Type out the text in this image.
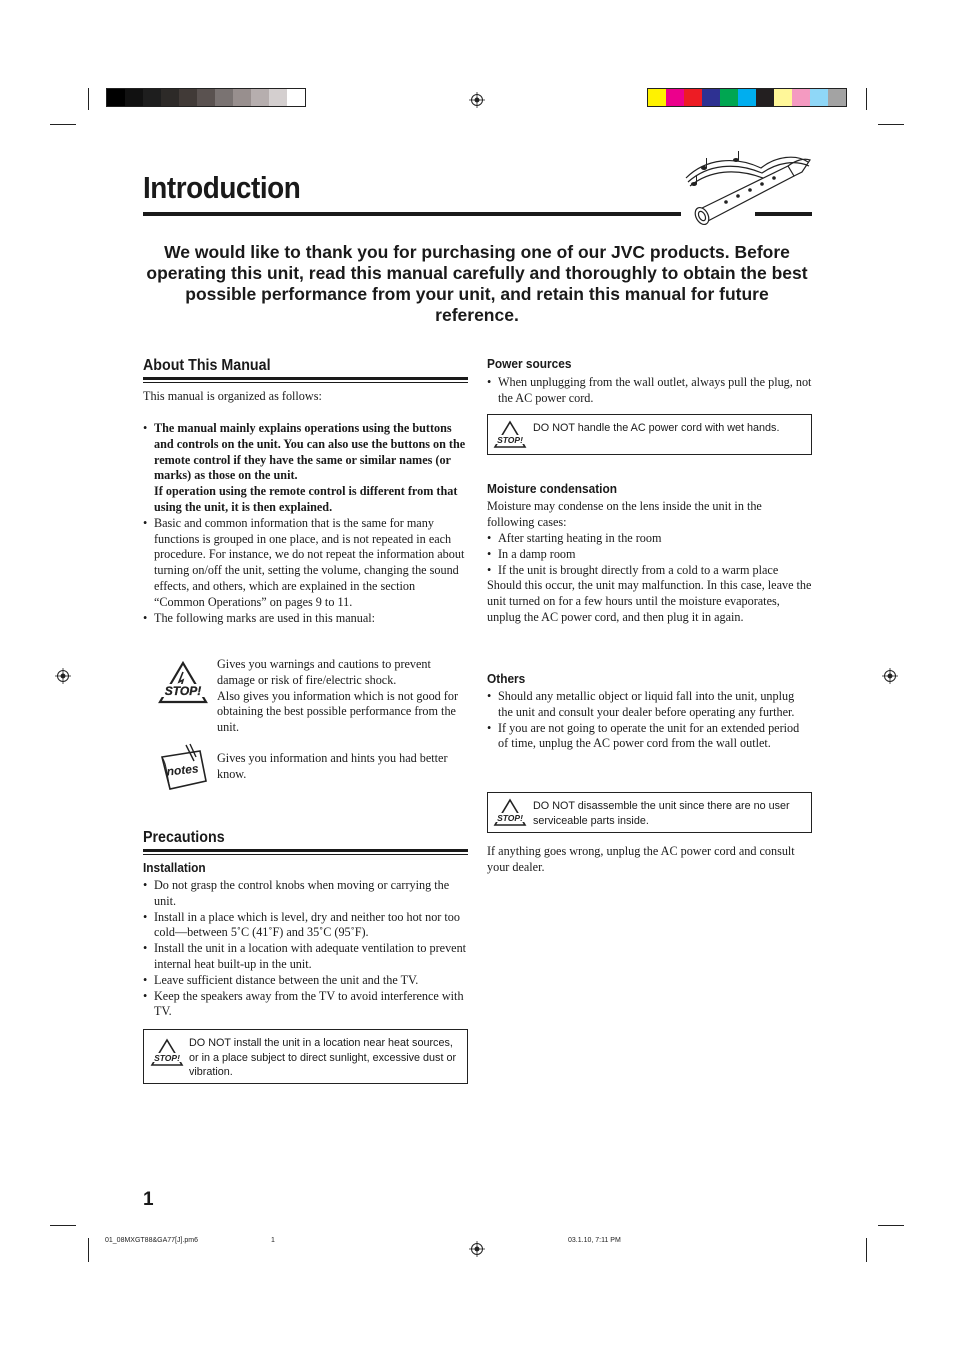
Introduction
We would like to thank you for purchasing one of our JVC products. Before operating this unit, read this manual carefully and thoroughly to obtain the best possible performance from your unit, and retain this manual for future reference.
About This Manual
This manual is organized as follows:
• The manual mainly explains operations using the buttons and controls on the unit. You can also use the buttons on the remote control if they have the same or similar names (or marks) as those on the unit.
If operation using the remote control is different from that using the unit, it is then explained.
• Basic and common information that is the same for many functions is grouped in one place, and is not repeated in each procedure. For instance, we do not repeat the information about turning on/off the unit, setting the volume, changing the sound effects, and others, which are explained in the section “Common Operations” on pages 9 to 11.
• The following marks are used in this manual:
STOP!
Gives you warnings and cautions to prevent damage or risk of fire/electric shock.
Also gives you information which is not good for obtaining the best possible performance from the unit.
notes
Gives you information and hints you had better know.
Precautions
Installation
• Do not grasp the control knobs when moving or carrying the unit.
• Install in a place which is level, dry and neither too hot nor too cold—between 5˚C (41˚F) and 35˚C (95˚F).
• Install the unit in a location with adequate ventilation to prevent internal heat built-up in the unit.
• Leave sufficient distance between the unit and the TV.
• Keep the speakers away from the TV to avoid interference with TV.
STOP!
DO NOT install the unit in a location near heat sources, or in a place subject to direct sunlight, excessive dust or vibration.
Power sources
• When unplugging from the wall outlet, always pull the plug, not the AC power cord.
STOP!
DO NOT handle the AC power cord with wet hands.
Moisture condensation
Moisture may condense on the lens inside the unit in the following cases:
• After starting heating in the room
• In a damp room
• If the unit is brought directly from a cold to a warm place
Should this occur, the unit may malfunction. In this case, leave the unit turned on for a few hours until the moisture evaporates, unplug the AC power cord, and then plug it in again.
Others
• Should any metallic object or liquid fall into the unit, unplug the unit and consult your dealer before operating any further.
• If you are not going to operate the unit for an extended period of time, unplug the AC power cord from the wall outlet.
STOP!
DO NOT disassemble the unit since there are no user serviceable parts inside.
If anything goes wrong, unplug the AC power cord and consult your dealer.
1
01_08MXGT88&GA77[J].pm6	1	03.1.10, 7:11 PM
